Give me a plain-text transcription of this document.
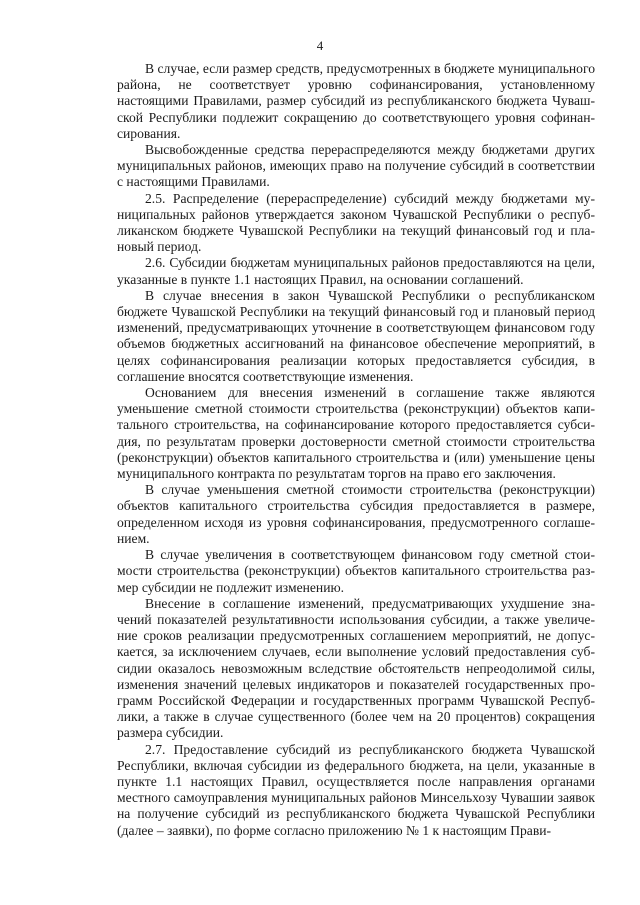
4

В случае, если размер средств, предусмотренных в бюджете муниципального района, не соответствует уровню софинансирования, установленному настоящими Правилами, размер субсидий из республиканского бюджета Чувашской Республики подлежит сокращению до соответствующего уровня софинансирования.

Высвобожденные средства перераспределяются между бюджетами других муниципальных районов, имеющих право на получение субсидий в соответствии с настоящими Правилами.

2.5. Распределение (перераспределение) субсидий между бюджетами муниципальных районов утверждается законом Чувашской Республики о республиканском бюджете Чувашской Республики на текущий финансовый год и плановый период.

2.6. Субсидии бюджетам муниципальных районов предоставляются на цели, указанные в пункте 1.1 настоящих Правил, на основании соглашений.

В случае внесения в закон Чувашской Республики о республиканском бюджете Чувашской Республики на текущий финансовый год и плановый период изменений, предусматривающих уточнение в соответствующем финансовом году объемов бюджетных ассигнований на финансовое обеспечение мероприятий, в целях софинансирования реализации которых предоставляется субсидия, в соглашение вносятся соответствующие изменения.

Основанием для внесения изменений в соглашение также являются уменьшение сметной стоимости строительства (реконструкции) объектов капитального строительства, на софинансирование которого предоставляется субсидия, по результатам проверки достоверности сметной стоимости строительства (реконструкции) объектов капитального строительства и (или) уменьшение цены муниципального контракта по результатам торгов на право его заключения.

В случае уменьшения сметной стоимости строительства (реконструкции) объектов капитального строительства субсидия предоставляется в размере, определенном исходя из уровня софинансирования, предусмотренного соглашением.

В случае увеличения в соответствующем финансовом году сметной стоимости строительства (реконструкции) объектов капитального строительства размер субсидии не подлежит изменению.

Внесение в соглашение изменений, предусматривающих ухудшение значений показателей результативности использования субсидии, а также увеличение сроков реализации предусмотренных соглашением мероприятий, не допускается, за исключением случаев, если выполнение условий предоставления субсидии оказалось невозможным вследствие обстоятельств непреодолимой силы, изменения значений целевых индикаторов и показателей государственных программ Российской Федерации и государственных программ Чувашской Республики, а также в случае существенного (более чем на 20 процентов) сокращения размера субсидии.

2.7. Предоставление субсидий из республиканского бюджета Чувашской Республики, включая субсидии из федерального бюджета, на цели, указанные в пункте 1.1 настоящих Правил, осуществляется после направления органами местного самоуправления муниципальных районов Минсельхозу Чувашии заявок на получение субсидий из республиканского бюджета Чувашской Республики (далее – заявки), по форме согласно приложению № 1 к настоящим Прави-
